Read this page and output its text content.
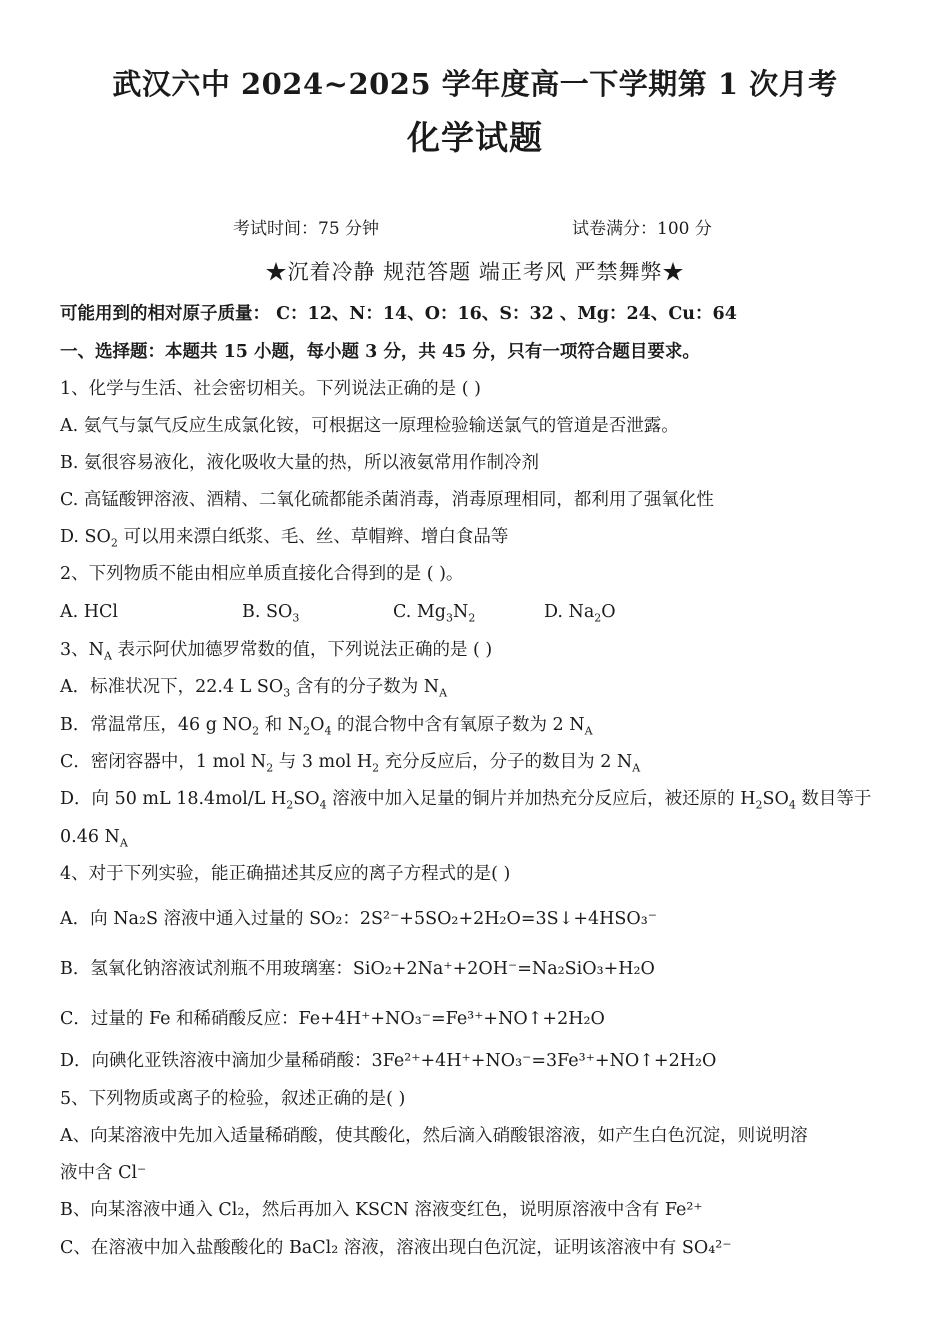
武汉六中 2024~2025 学年度高一下学期第 1 次月考
化学试题
考试时间：75 分钟	试卷满分：100 分
★沉着冷静 规范答题 端正考风 严禁舞弊★
可能用到的相对原子质量： C：12、N：14、O：16、S：32 、Mg：24、Cu：64
一、选择题：本题共 15 小题，每小题 3 分，共 45 分，只有一项符合题目要求。
1、化学与生活、社会密切相关。下列说法正确的是 ( )
A. 氨气与氯气反应生成氯化铵，可根据这一原理检验输送氯气的管道是否泄露。
B. 氨很容易液化，液化吸收大量的热，所以液氨常用作制冷剂
C. 高锰酸钾溶液、酒精、二氧化硫都能杀菌消毒，消毒原理相同，都利用了强氧化性
D. $SO_2$ 可以用来漂白纸浆、毛、丝、草帽辫、增白食品等
2、下列物质不能由相应单质直接化合得到的是 ( )。
A. HCl	B. $SO_3$	C. $Mg_3N_2$	D. $Na_2O$
3、$N_A$ 表示阿伏加德罗常数的值，下列说法正确的是 ( )
A．标准状况下，22.4 L $SO_3$ 含有的分子数为 $N_A$
B．常温常压，46 g $NO_2$ 和 $N_2O_4$ 的混合物中含有氧原子数为 2 $N_A$
C．密闭容器中，1 mol $N_2$ 与 3 mol $H_2$ 充分反应后，分子的数目为 2 $N_A$
D．向 50 mL 18.4mol/L $H_2SO_4$ 溶液中加入足量的铜片并加热充分反应后，被还原的 $H_2SO_4$ 数目等于
0.46 $N_A$
4、对于下列实验，能正确描述其反应的离子方程式的是( )
A．向 Na₂S 溶液中通入过量的 SO₂：2S²⁻+5SO₂+2H₂O=3S↓+4HSO₃⁻
B．氢氧化钠溶液试剂瓶不用玻璃塞：SiO₂+2Na⁺+2OH⁻=Na₂SiO₃+H₂O
C．过量的 Fe 和稀硝酸反应：Fe+4H⁺+NO₃⁻=Fe³⁺+NO↑+2H₂O
D．向碘化亚铁溶液中滴加少量稀硝酸：3Fe²⁺+4H⁺+NO₃⁻=3Fe³⁺+NO↑+2H₂O
5、下列物质或离子的检验，叙述正确的是( )
A、向某溶液中先加入适量稀硝酸，使其酸化，然后滴入硝酸银溶液，如产生白色沉淀，则说明溶
液中含 Cl⁻
B、向某溶液中通入 Cl₂，然后再加入 KSCN 溶液变红色，说明原溶液中含有 Fe²⁺
C、在溶液中加入盐酸酸化的 BaCl₂ 溶液，溶液出现白色沉淀，证明该溶液中有 SO₄²⁻
